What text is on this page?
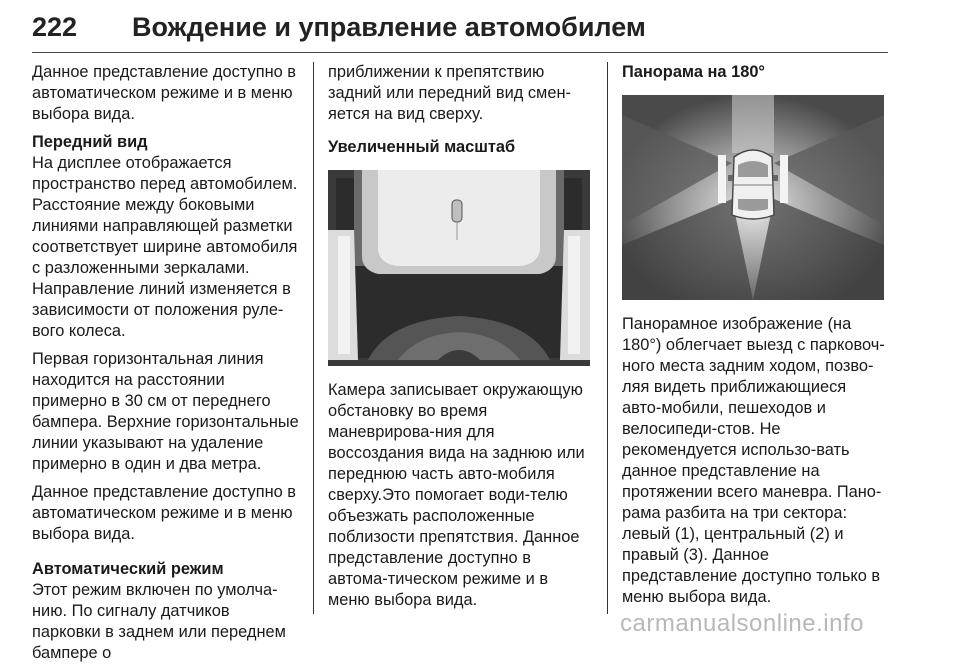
222 Вождение и управление автомобилем

Данное представление доступно в автоматическом режиме и в меню выбора вида.

Передний вид

На дисплее отображается пространство перед автомобилем. Расстояние между боковыми линиями направляющей разметки соответствует ширине автомобиля с разложенными зеркалами. Направление линий изменяется в зависимости от положения руле-вого колеса.

Первая горизонтальная линия находится на расстоянии примерно в 30 см от переднего бампера. Верхние горизонтальные линии указывают на удаление примерно в один и два метра.

Данное представление доступно в автоматическом режиме и в меню выбора вида.

Автоматический режим

Этот режим включен по умолча-нию. По сигналу датчиков парковки в заднем или переднем бампере о

приближении к препятствию задний или передний вид смен-яется на вид сверху.

Увеличенный масштаб

Камера записывает окружающую обстановку во время маневрирова-ния для воссоздания вида на заднюю или переднюю часть авто-мобиля сверху.Это помогает води-телю объезжать расположенные поблизости препятствия. Данное представление доступно в автома-тическом режиме и в меню выбора вида.

Панорама на 180°

Панорамное изображение (на 180°) облегчает выезд с парковоч-ного места задним ходом, позво-ляя видеть приближающиеся авто-мобили, пешеходов и велосипеди-стов. Не рекомендуется использо-вать данное представление на протяжении всего маневра. Пано-рама разбита на три сектора: левый (1), центральный (2) и правый (3). Данное представление доступно только в меню выбора вида.

carmanualsonline.info
